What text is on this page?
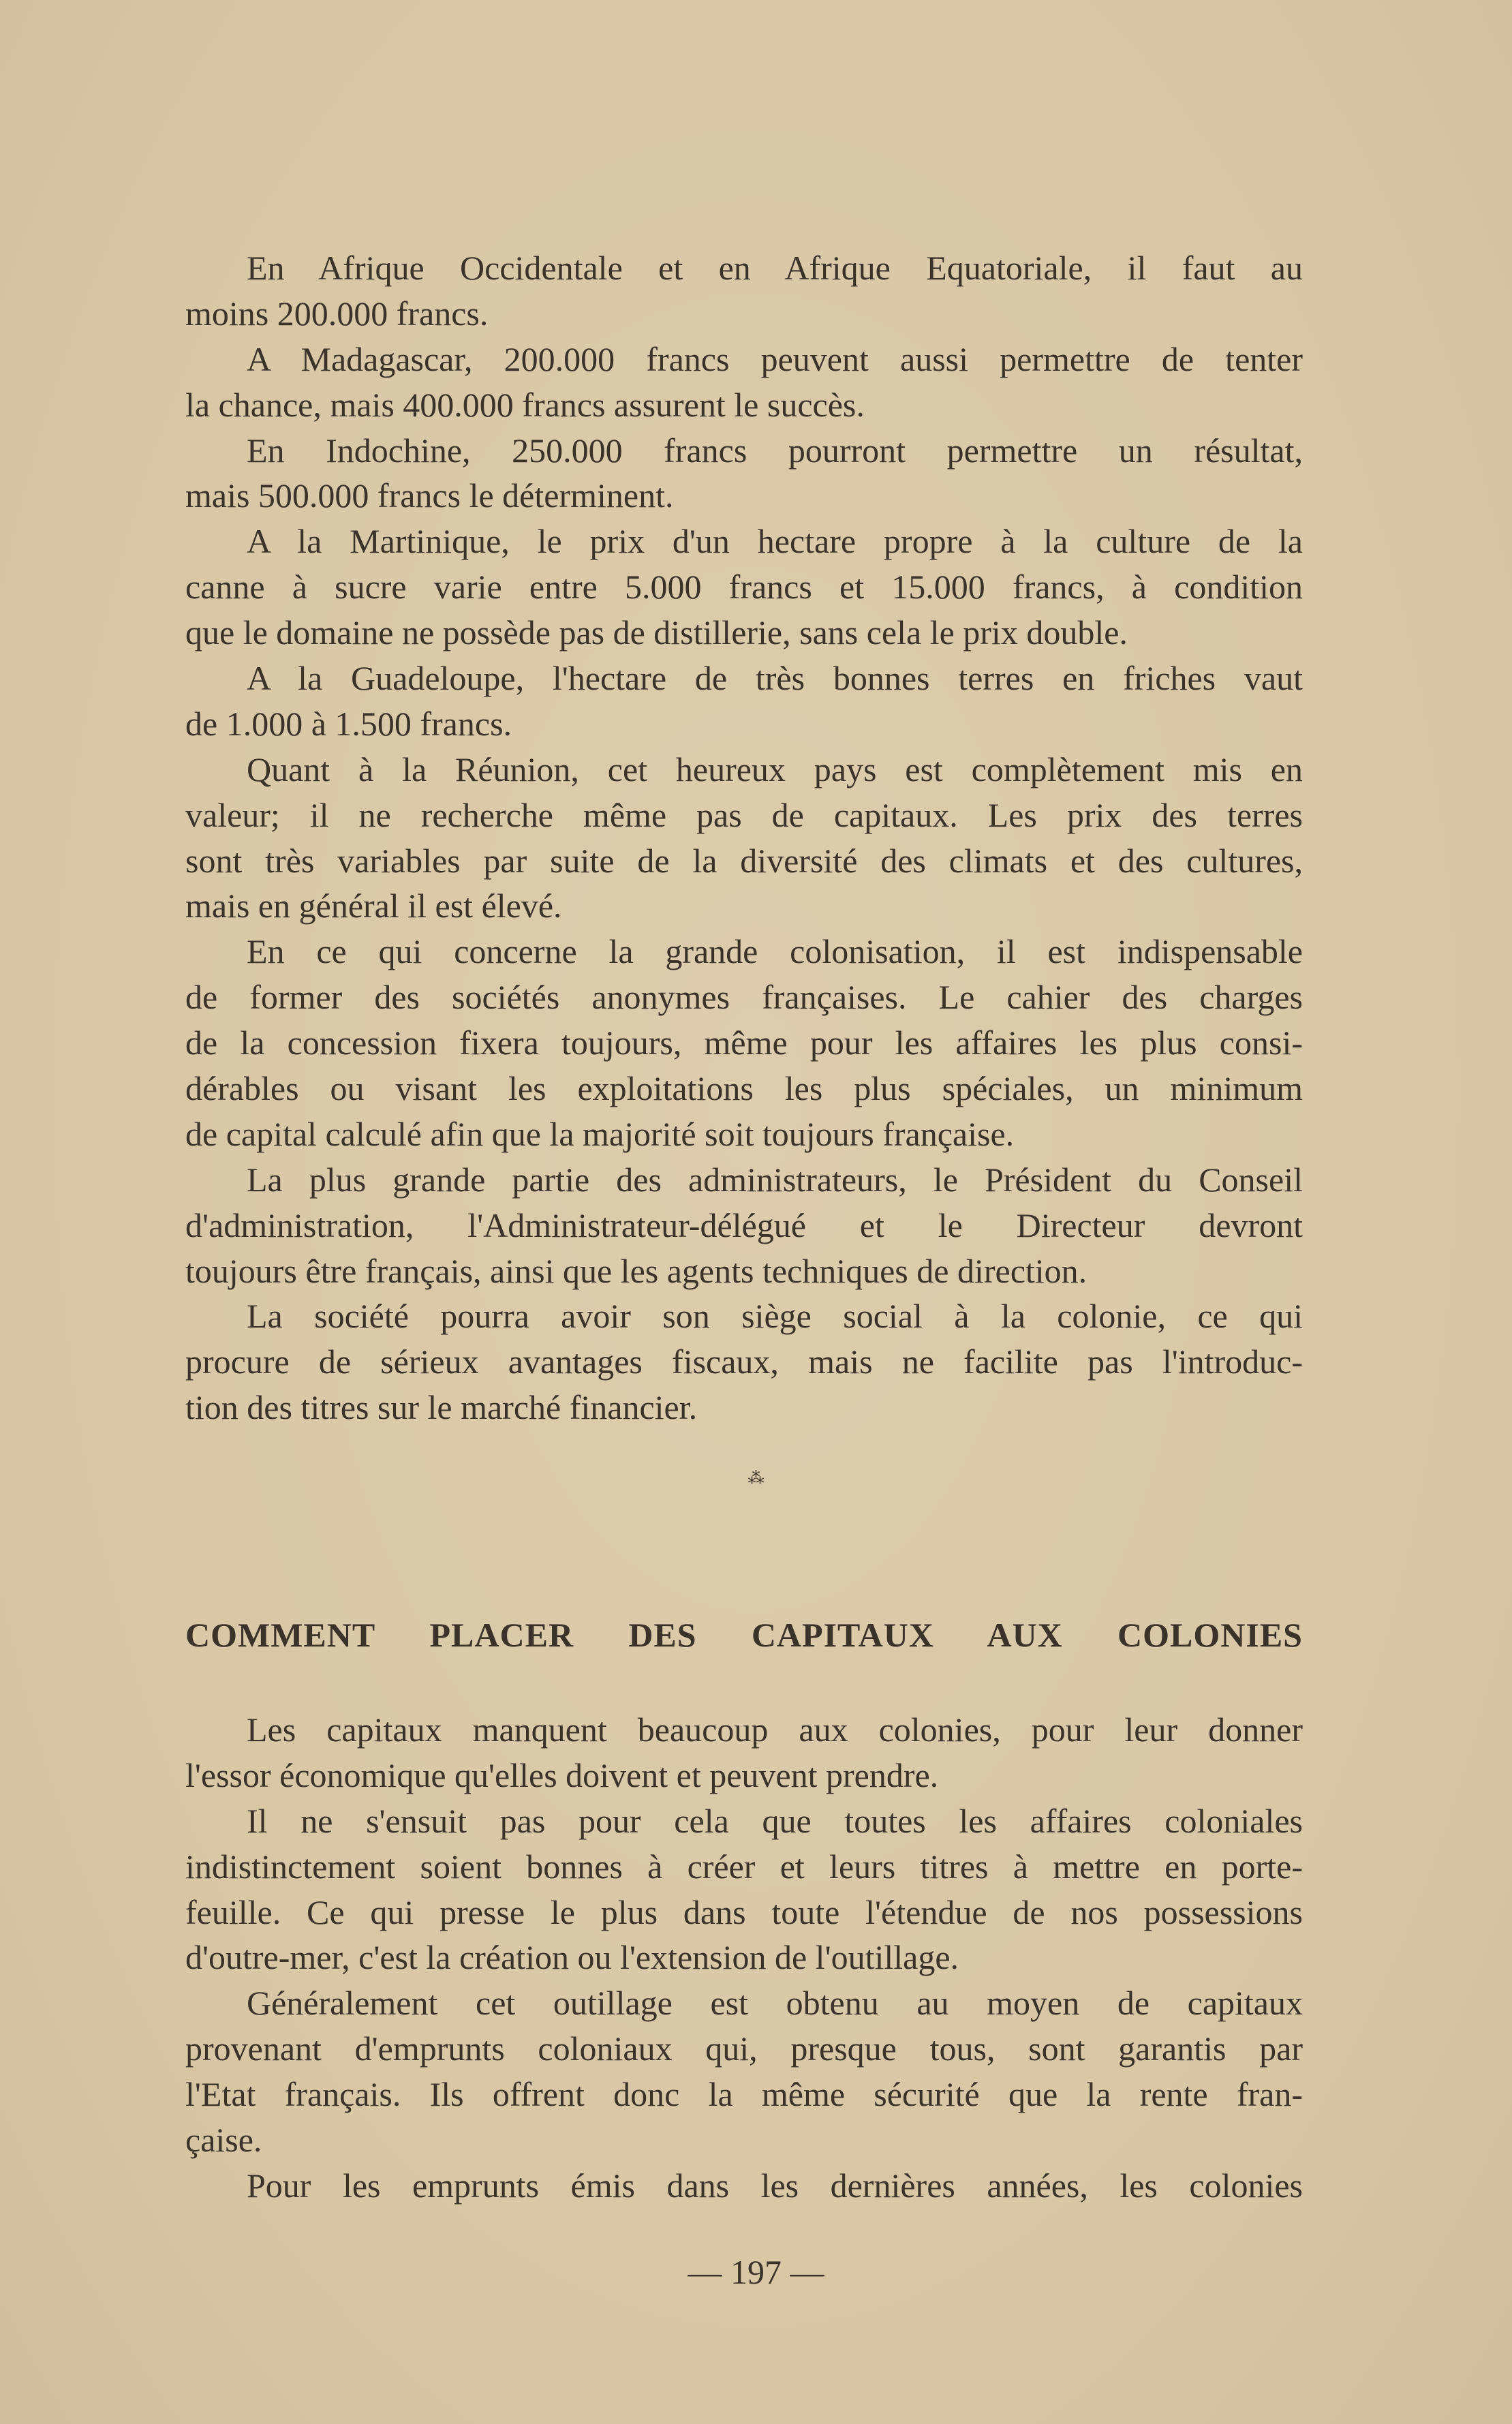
En Afrique Occidentale et en Afrique Equatoriale, il faut au
moins 200.000 francs.
A Madagascar, 200.000 francs peuvent aussi permettre de tenter
la chance, mais 400.000 francs assurent le succès.
En Indochine, 250.000 francs pourront permettre un résultat,
mais 500.000 francs le déterminent.
A la Martinique, le prix d'un hectare propre à la culture de la
canne à sucre varie entre 5.000 francs et 15.000 francs, à condition
que le domaine ne possède pas de distillerie, sans cela le prix double.
A la Guadeloupe, l'hectare de très bonnes terres en friches vaut
de 1.000 à 1.500 francs.
Quant à la Réunion, cet heureux pays est complètement mis en
valeur; il ne recherche même pas de capitaux. Les prix des terres
sont très variables par suite de la diversité des climats et des cultures,
mais en général il est élevé.
En ce qui concerne la grande colonisation, il est indispensable
de former des sociétés anonymes françaises. Le cahier des charges
de la concession fixera toujours, même pour les affaires les plus consi-
dérables ou visant les exploitations les plus spéciales, un minimum
de capital calculé afin que la majorité soit toujours française.
La plus grande partie des administrateurs, le Président du Conseil
d'administration, l'Administrateur-délégué et le Directeur devront
toujours être français, ainsi que les agents techniques de direction.
La société pourra avoir son siège social à la colonie, ce qui
procure de sérieux avantages fiscaux, mais ne facilite pas l'introduc-
tion des titres sur le marché financier.
⁂
COMMENT PLACER DES CAPITAUX AUX COLONIES
Les capitaux manquent beaucoup aux colonies, pour leur donner
l'essor économique qu'elles doivent et peuvent prendre.
Il ne s'ensuit pas pour cela que toutes les affaires coloniales
indistinctement soient bonnes à créer et leurs titres à mettre en porte-
feuille. Ce qui presse le plus dans toute l'étendue de nos possessions
d'outre-mer, c'est la création ou l'extension de l'outillage.
Généralement cet outillage est obtenu au moyen de capitaux
provenant d'emprunts coloniaux qui, presque tous, sont garantis par
l'Etat français. Ils offrent donc la même sécurité que la rente fran-
çaise.
Pour les emprunts émis dans les dernières années, les colonies
— 197 —
